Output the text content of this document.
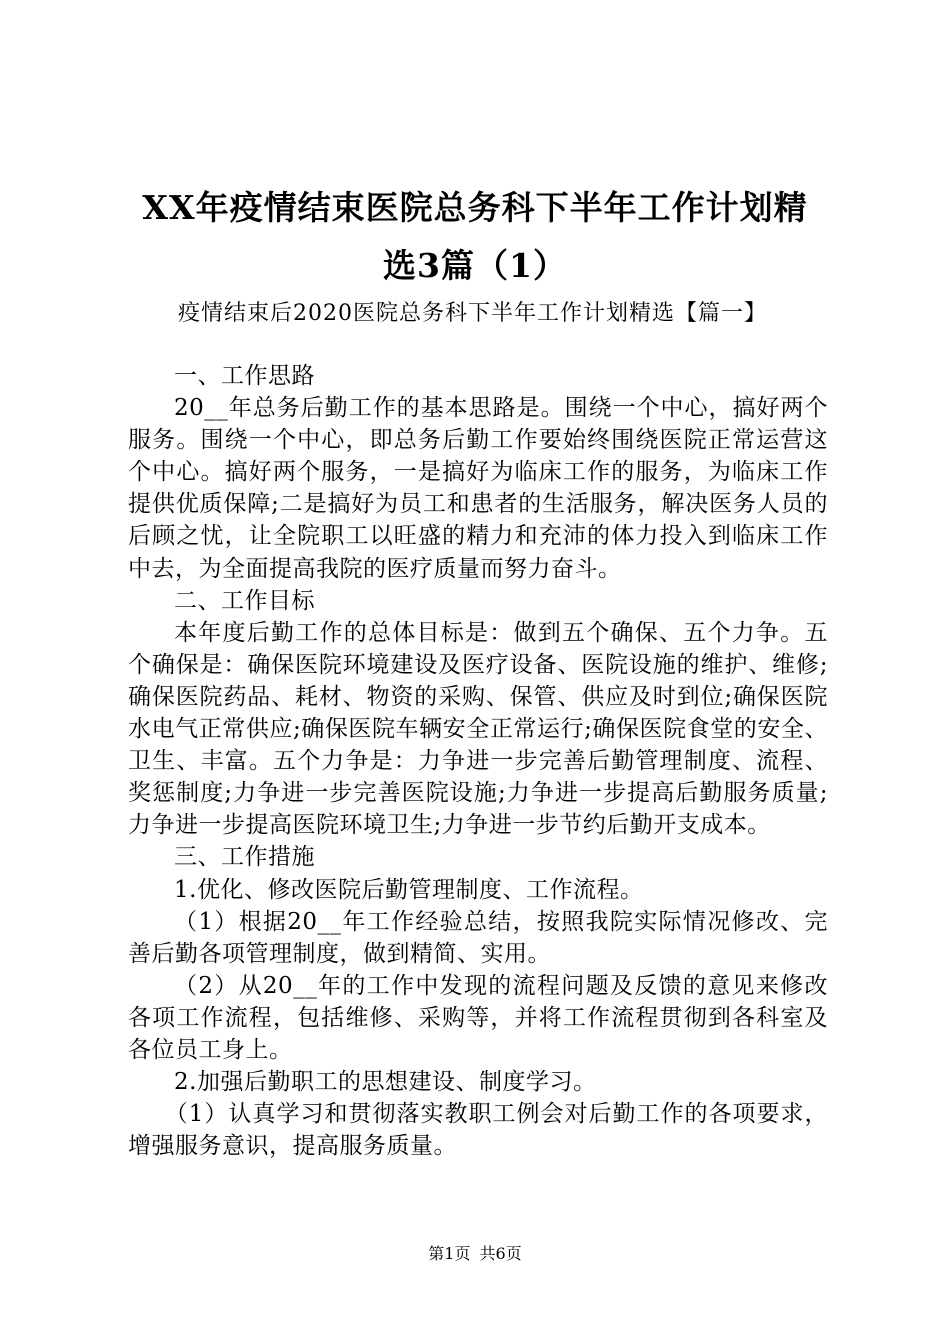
XX年疫情结束医院总务科下半年工作计划精
选3篇（1）

疫情结束后2020医院总务科下半年工作计划精选【篇一】

一、工作思路

20__年总务后勤工作的基本思路是。围绕一个中心，搞好两个服务。围绕一个中心，即总务后勤工作要始终围绕医院正常运营这个中心。搞好两个服务，一是搞好为临床工作的服务，为临床工作提供优质保障;二是搞好为员工和患者的生活服务，解决医务人员的后顾之忧，让全院职工以旺盛的精力和充沛的体力投入到临床工作中去，为全面提高我院的医疗质量而努力奋斗。

二、工作目标

本年度后勤工作的总体目标是：做到五个确保、五个力争。五个确保是：确保医院环境建设及医疗设备、医院设施的维护、维修;确保医院药品、耗材、物资的采购、保管、供应及时到位;确保医院水电气正常供应;确保医院车辆安全正常运行;确保医院食堂的安全、卫生、丰富。五个力争是：力争进一步完善后勤管理制度、流程、奖惩制度;力争进一步完善医院设施;力争进一步提高后勤服务质量;力争进一步提高医院环境卫生;力争进一步节约后勤开支成本。

三、工作措施

1.优化、修改医院后勤管理制度、工作流程。

（1）根据20__年工作经验总结，按照我院实际情况修改、完善后勤各项管理制度，做到精简、实用。

（2）从20__年的工作中发现的流程问题及反馈的意见来修改各项工作流程，包括维修、采购等，并将工作流程贯彻到各科室及各位员工身上。

2.加强后勤职工的思想建设、制度学习。

（1）认真学习和贯彻落实教职工例会对后勤工作的各项要求，增强服务意识，提高服务质量。

第1页 共6页
